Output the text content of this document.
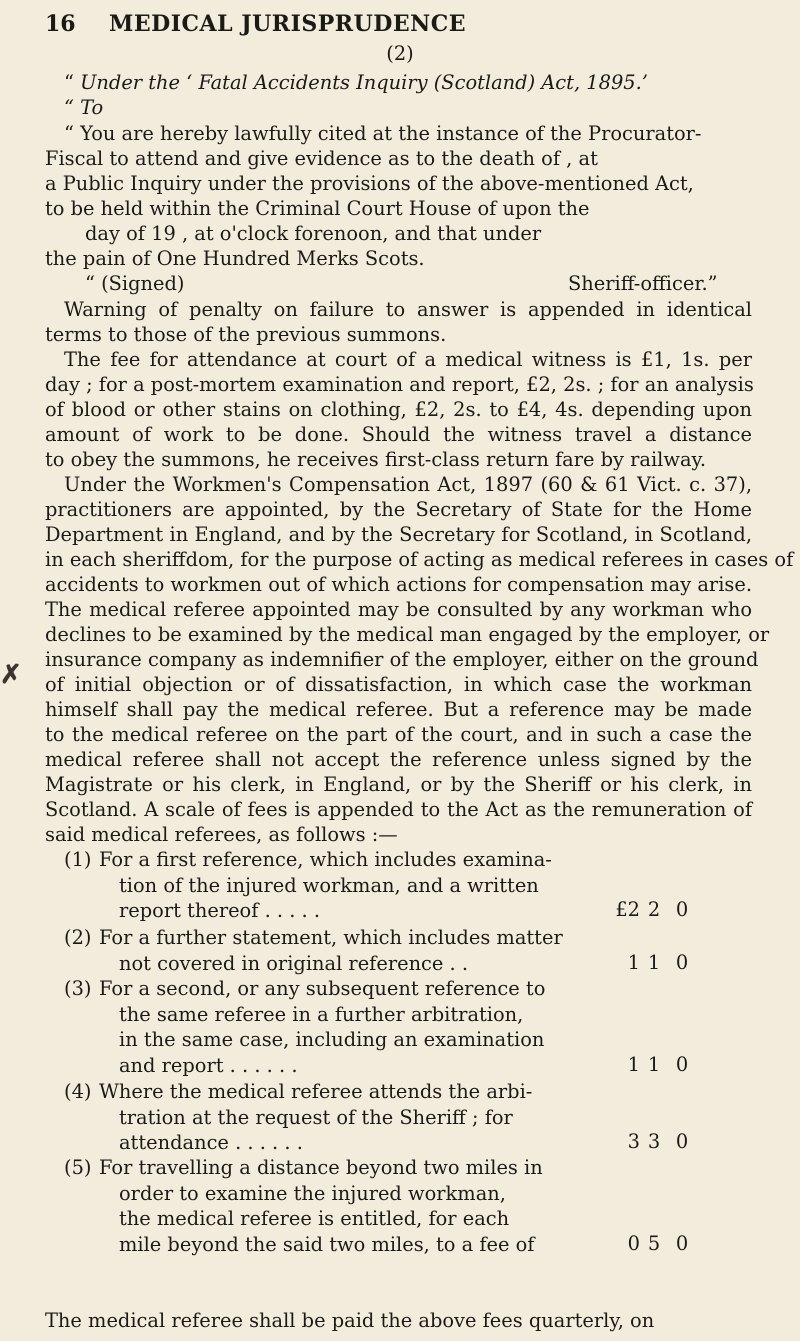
16 MEDICAL JURISPRUDENCE
(2)
“ Under the ‘ Fatal Accidents Inquiry (Scotland) Act, 1895.’
“ To
“ You are hereby lawfully cited at the instance of the Procurator-
Fiscal to attend and give evidence as to the death of , at
a Public Inquiry under the provisions of the above-mentioned Act,
to be held within the Criminal Court House of upon the
day of 19 , at o'clock forenoon, and that under
the pain of One Hundred Merks Scots.
“ (Signed)	Sheriff-officer.”
Warning of penalty on failure to answer is appended in identical
terms to those of the previous summons.
The fee for attendance at court of a medical witness is £1, 1s. per
day ; for a post-mortem examination and report, £2, 2s. ; for an analysis
of blood or other stains on clothing, £2, 2s. to £4, 4s. depending upon
amount of work to be done. Should the witness travel a distance
to obey the summons, he receives first-class return fare by railway.
Under the Workmen's Compensation Act, 1897 (60 & 61 Vict. c. 37),
practitioners are appointed, by the Secretary of State for the Home
Department in England, and by the Secretary for Scotland, in Scotland,
in each sheriffdom, for the purpose of acting as medical referees in cases of
accidents to workmen out of which actions for compensation may arise.
The medical referee appointed may be consulted by any workman who
declines to be examined by the medical man engaged by the employer, or
insurance company as indemnifier of the employer, either on the ground
of initial objection or of dissatisfaction, in which case the workman
himself shall pay the medical referee. But a reference may be made
to the medical referee on the part of the court, and in such a case the
medical referee shall not accept the reference unless signed by the
Magistrate or his clerk, in England, or by the Sheriff or his clerk, in
Scotland. A scale of fees is appended to the Act as the remuneration of
said medical referees, as follows :—
✗
(1) For a first reference, which includes examina-
tion of the injured workman, and a written
report thereof . . . . .	£2 2 0
(2) For a further statement, which includes matter
not covered in original reference . .	1 1 0
(3) For a second, or any subsequent reference to
the same referee in a further arbitration,
in the same case, including an examination
and report . . . . . .	1 1 0
(4) Where the medical referee attends the arbi-
tration at the request of the Sheriff ; for
attendance . . . . . .	3 3 0
(5) For travelling a distance beyond two miles in
order to examine the injured workman,
the medical referee is entitled, for each
mile beyond the said two miles, to a fee of	0 5 0
The medical referee shall be paid the above fees quarterly, on
